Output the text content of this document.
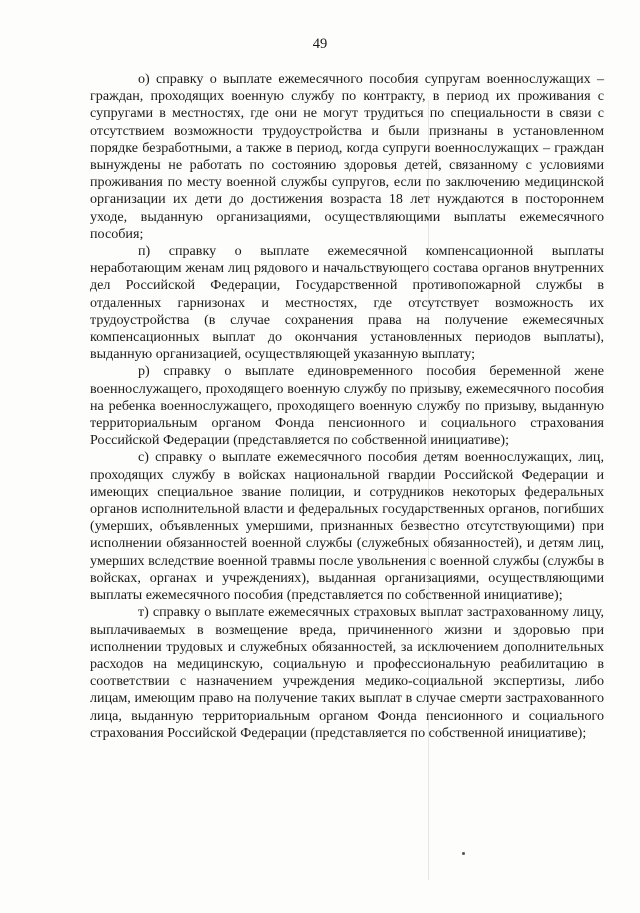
49

о) справку о выплате ежемесячного пособия супругам военнослужащих – граждан, проходящих военную службу по контракту, в период их проживания с супругами в местностях, где они не могут трудиться по специальности в связи с отсутствием возможности трудоустройства и были признаны в установленном порядке безработными, а также в период, когда супруги военнослужащих – граждан вынуждены не работать по состоянию здоровья детей, связанному с условиями проживания по месту военной службы супругов, если по заключению медицинской организации их дети до достижения возраста 18 лет нуждаются в постороннем уходе, выданную организациями, осуществляющими выплаты ежемесячного пособия;

п) справку о выплате ежемесячной компенсационной выплаты неработающим женам лиц рядового и начальствующего состава органов внутренних дел Российской Федерации, Государственной противопожарной службы в отдаленных гарнизонах и местностях, где отсутствует возможность их трудоустройства (в случае сохранения права на получение ежемесячных компенсационных выплат до окончания установленных периодов выплаты), выданную организацией, осуществляющей указанную выплату;

р) справку о выплате единовременного пособия беременной жене военнослужащего, проходящего военную службу по призыву, ежемесячного пособия на ребенка военнослужащего, проходящего военную службу по призыву, выданную территориальным органом Фонда пенсионного и социального страхования Российской Федерации (представляется по собственной инициативе);

с) справку о выплате ежемесячного пособия детям военнослужащих, лиц, проходящих службу в войсках национальной гвардии Российской Федерации и имеющих специальное звание полиции, и сотрудников некоторых федеральных органов исполнительной власти и федеральных государственных органов, погибших (умерших, объявленных умершими, признанных безвестно отсутствующими) при исполнении обязанностей военной службы (служебных обязанностей), и детям лиц, умерших вследствие военной травмы после увольнения с военной службы (службы в войсках, органах и учреждениях), выданная организациями, осуществляющими выплаты ежемесячного пособия (представляется по собственной инициативе);

т) справку о выплате ежемесячных страховых выплат застрахованному лицу, выплачиваемых в возмещение вреда, причиненного жизни и здоровью при исполнении трудовых и служебных обязанностей, за исключением дополнительных расходов на медицинскую, социальную и профессиональную реабилитацию в соответствии с назначением учреждения медико-социальной экспертизы, либо лицам, имеющим право на получение таких выплат в случае смерти застрахованного лица, выданную территориальным органом Фонда пенсионного и социального страхования Российской Федерации (представляется по собственной инициативе);
